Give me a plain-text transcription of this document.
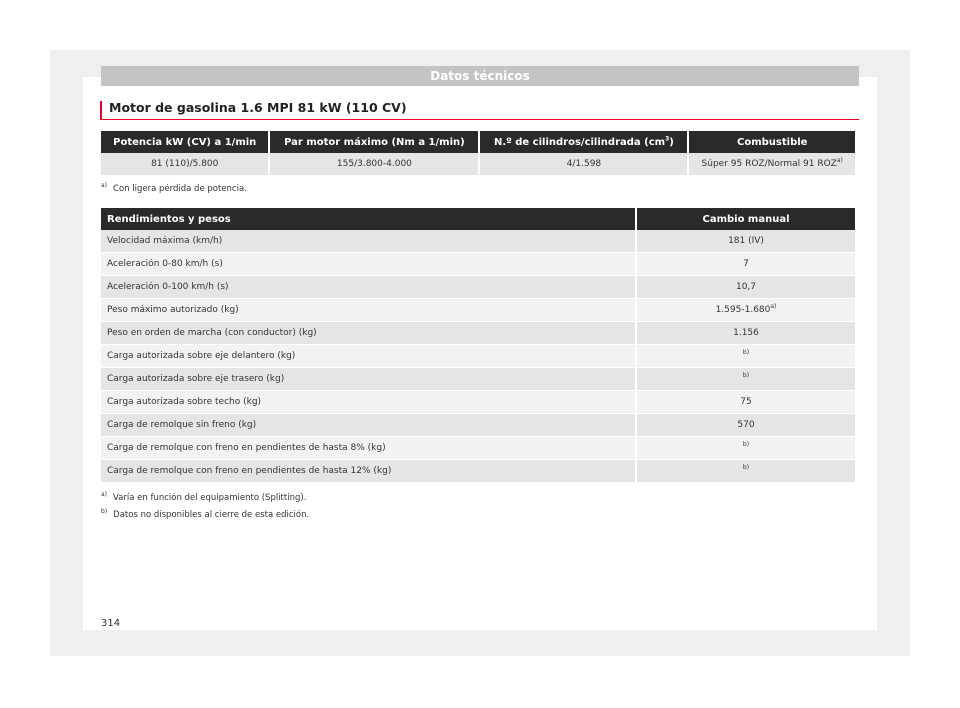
Datos técnicos
Motor de gasolina 1.6 MPI 81 kW (110 CV)
Potencia kW (CV) a 1/min	Par motor máximo (Nm a 1/min)	N.º de cilindros/cilindrada $(cm^3)$	Combustible
81 (110)/5.800	155/3.800-4.000	4/1.598	Súper 95 ROZ/Normal 91 ROZ$^{a)}$
$^{a)}$ Con ligera pérdida de potencia.
Rendimientos y pesos	Cambio manual
Velocidad máxima (km/h)	181 (IV)
Aceleración 0-80 km/h (s)	7
Aceleración 0-100 km/h (s)	10,7
Peso máximo autorizado (kg)	1.595-1.680$^{a)}$
Peso en orden de marcha (con conductor) (kg)	1.156
Carga autorizada sobre eje delantero (kg)	$^{b)}$
Carga autorizada sobre eje trasero (kg)	$^{b)}$
Carga autorizada sobre techo (kg)	75
Carga de remolque sin freno (kg)	570
Carga de remolque con freno en pendientes de hasta 8% (kg)	$^{b)}$
Carga de remolque con freno en pendientes de hasta 12% (kg)	$^{b)}$
$^{a)}$ Varía en función del equipamiento (Splitting).
$^{b)}$ Datos no disponibles al cierre de esta edición.
314
